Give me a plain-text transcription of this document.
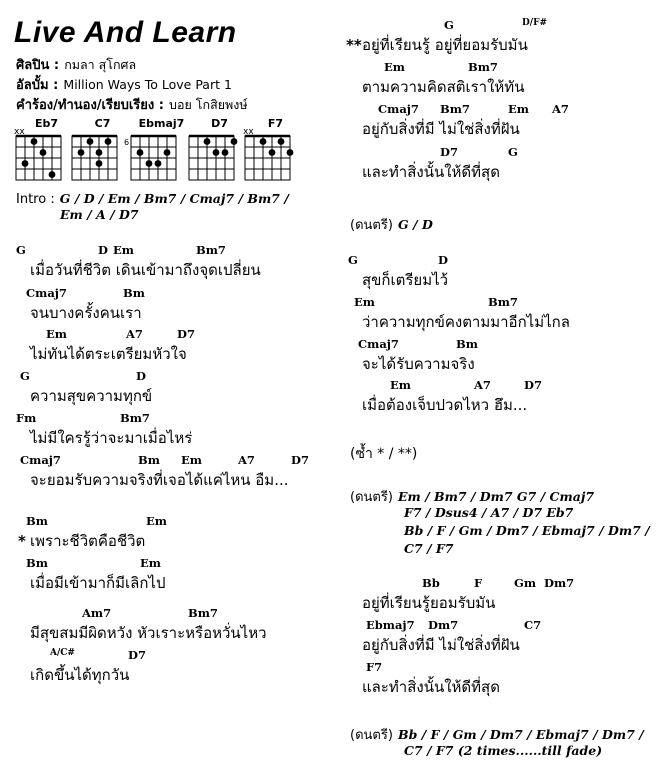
Live And Learn
ศิลปิน : กมลา สุโกศล
อัลบั้ม : Million Ways To Love Part 1
คำร้อง/ทำนอง/เรียบเรียง : บอย โกสิยพงษ์
Eb7
xx
C7	Ebmaj7
6
D7	F7
xx
Intro : G / D / Em / Bm7 / Cmaj7 / Bm7 /
Em / A / D7
G	D Em	Bm7
เมื่อวันที่ชีวิต เดินเข้ามาถึงจุดเปลี่ยน
Cmaj7	Bm
จนบางครั้งคนเรา
Em	A7	D7
ไม่ทันได้ตระเตรียมหัวใจ
G	D
ความสุขความทุกข์
Fm	Bm7
ไม่มีใครรู้ว่าจะมาเมื่อไหร่
Cmaj7	Bm Em	A7	D7
จะยอมรับความจริงที่เจอได้แค่ไหน อืม...
Bm	Em
* เพราะชีวิตคือชีวิต
Bm	Em
เมื่อมีเข้ามาก็มีเลิกไป
Am7	Bm7
มีสุขสมมีผิดหวัง หัวเราะหรือหวั่นไหว
A/C#	D7
เกิดขึ้นได้ทุกวัน
G	D/F#
** อยู่ที่เรียนรู้ อยู่ที่ยอมรับมัน
Em	Bm7
ตามความคิดสติเราให้ทัน
Cmaj7 Bm7	Em A7
อยู่กับสิ่งที่มี ไม่ใช่สิ่งที่ฝัน
D7	G
และทำสิ่งนั้นให้ดีที่สุด
G	D
สุขก็เตรียมไว้
Em	Bm7
ว่าความทุกข์คงตามมาอีกไม่ไกล
Cmaj7	Bm
จะได้รับความจริง
Em	A7	D7
เมื่อต้องเจ็บปวดไหว ฮึม...
Bb	F	Gm Dm7
อยู่ที่เรียนรู้ยอมรับมัน
Ebmaj7 Dm7	C7
อยู่กับสิ่งที่มี ไม่ใช่สิ่งที่ฝัน
F7
และทำสิ่งนั้นให้ดีที่สุด
(ดนตรี) G / D
(ซ้ำ * / **)
(ดนตรี) Em / Bm7 / Dm7 G7 / Cmaj7
F7 / Dsus4 / A7 / D7 Eb7
Bb / F / Gm / Dm7 / Ebmaj7 / Dm7 /
C7 / F7
(ดนตรี) Bb / F / Gm / Dm7 / Ebmaj7 / Dm7 /
C7 / F7 (2 times......till fade)
